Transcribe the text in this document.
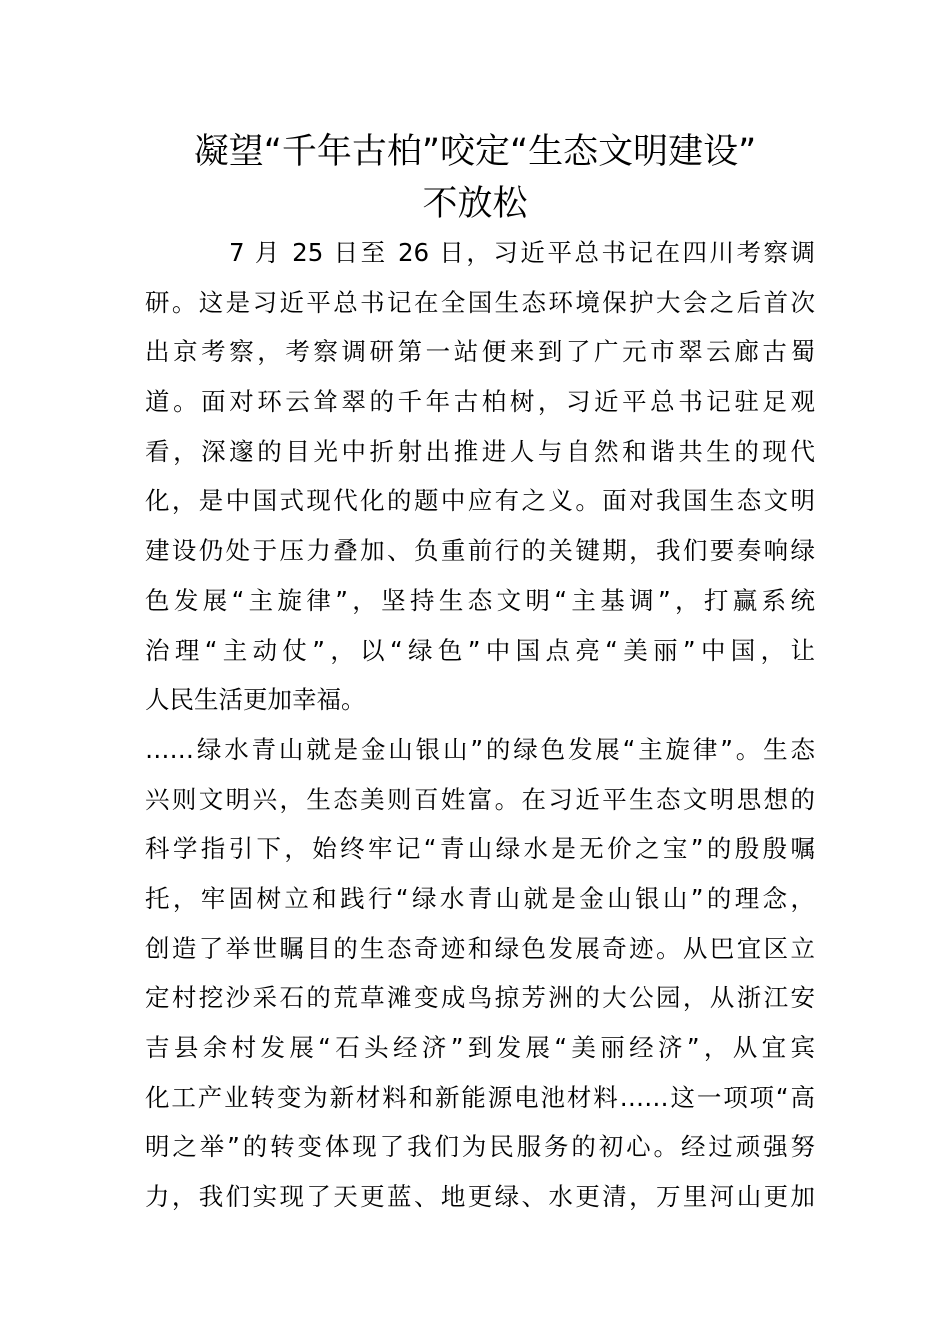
凝望“千年古柏”咬定“生态文明建设”
不放松
7 月 25 日至 26 日，习近平总书记在四川考察调
研。这是习近平总书记在全国生态环境保护大会之后首次
出京考察，考察调研第一站便来到了广元市翠云廊古蜀
道。面对环云耸翠的千年古柏树，习近平总书记驻足观
看，深邃的目光中折射出推进人与自然和谐共生的现代
化，是中国式现代化的题中应有之义。面对我国生态文明
建设仍处于压力叠加、负重前行的关键期，我们要奏响绿
色发展“主旋律”，坚持生态文明“主基调”，打赢系统
治理“主动仗”，以“绿色”中国点亮“美丽”中国，让
人民生活更加幸福。
……绿水青山就是金山银山”的绿色发展“主旋律”。生态
兴则文明兴，生态美则百姓富。在习近平生态文明思想的
科学指引下，始终牢记“青山绿水是无价之宝”的殷殷嘱
托，牢固树立和践行“绿水青山就是金山银山”的理念，
创造了举世瞩目的生态奇迹和绿色发展奇迹。从巴宜区立
定村挖沙采石的荒草滩变成鸟掠芳洲的大公园，从浙江安
吉县余村发展“石头经济”到发展“美丽经济”，从宜宾
化工产业转变为新材料和新能源电池材料……这一项项“高
明之举”的转变体现了我们为民服务的初心。经过顽强努
力，我们实现了天更蓝、地更绿、水更清，万里河山更加
